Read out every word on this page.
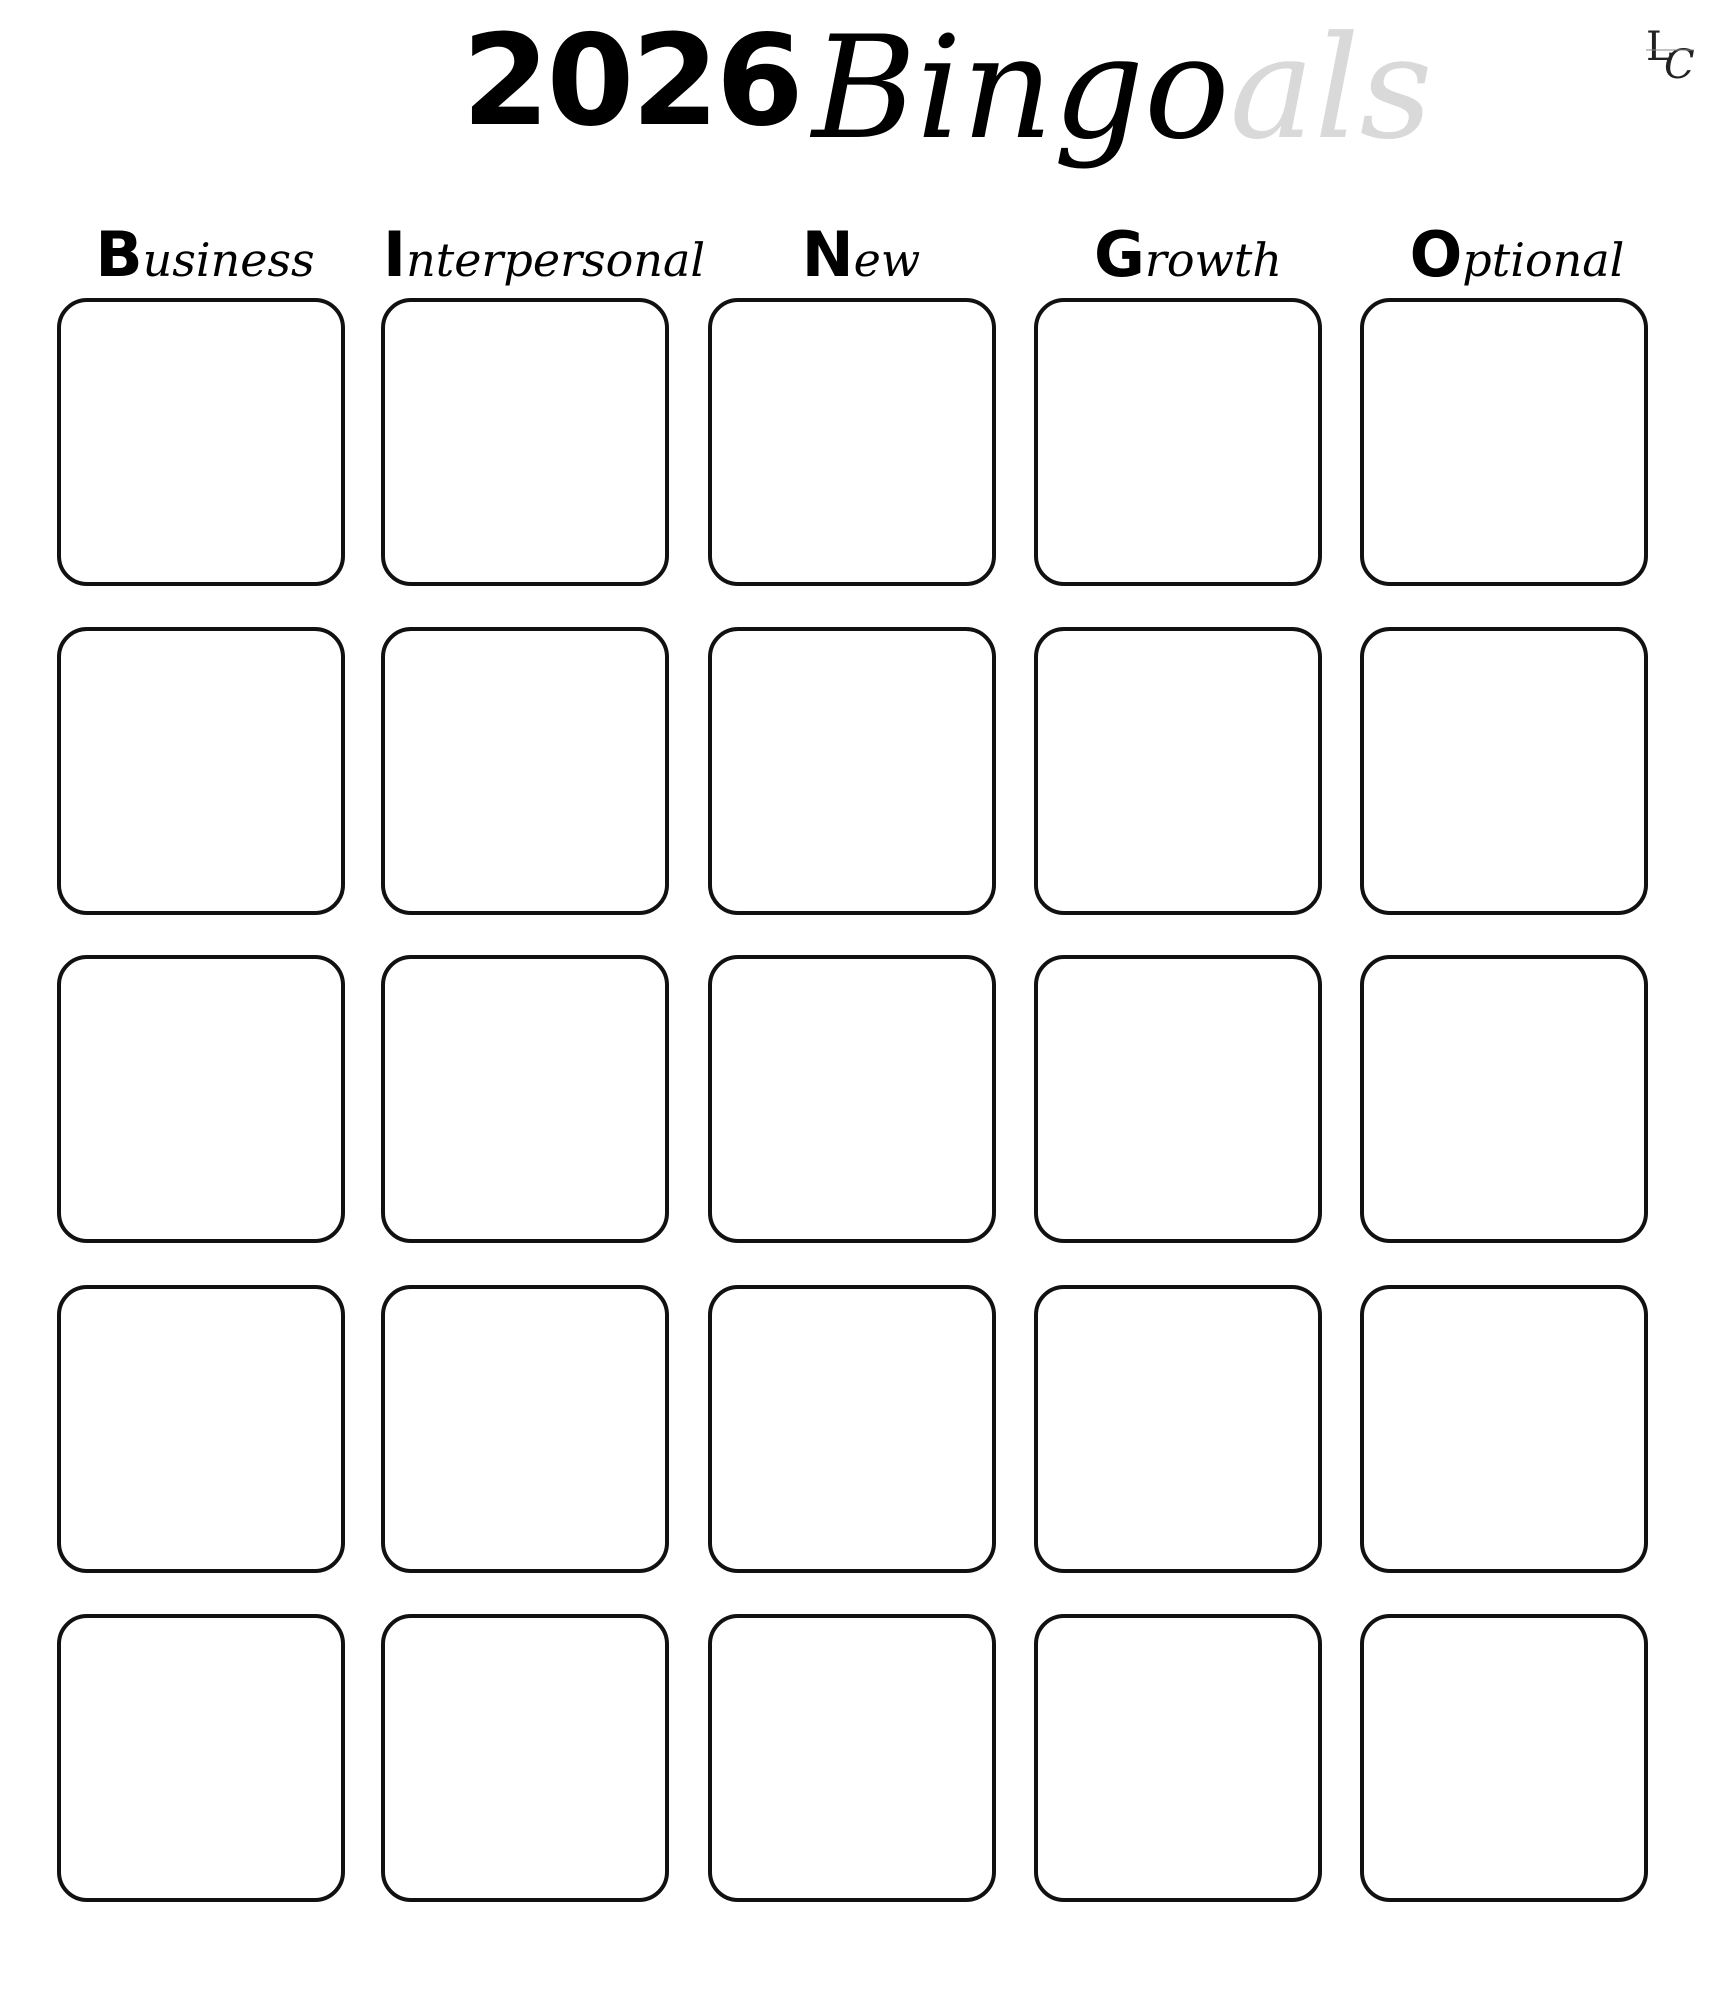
2026 Bingoals	L
C
Business	Interpersonal	New	Growth	Optional
